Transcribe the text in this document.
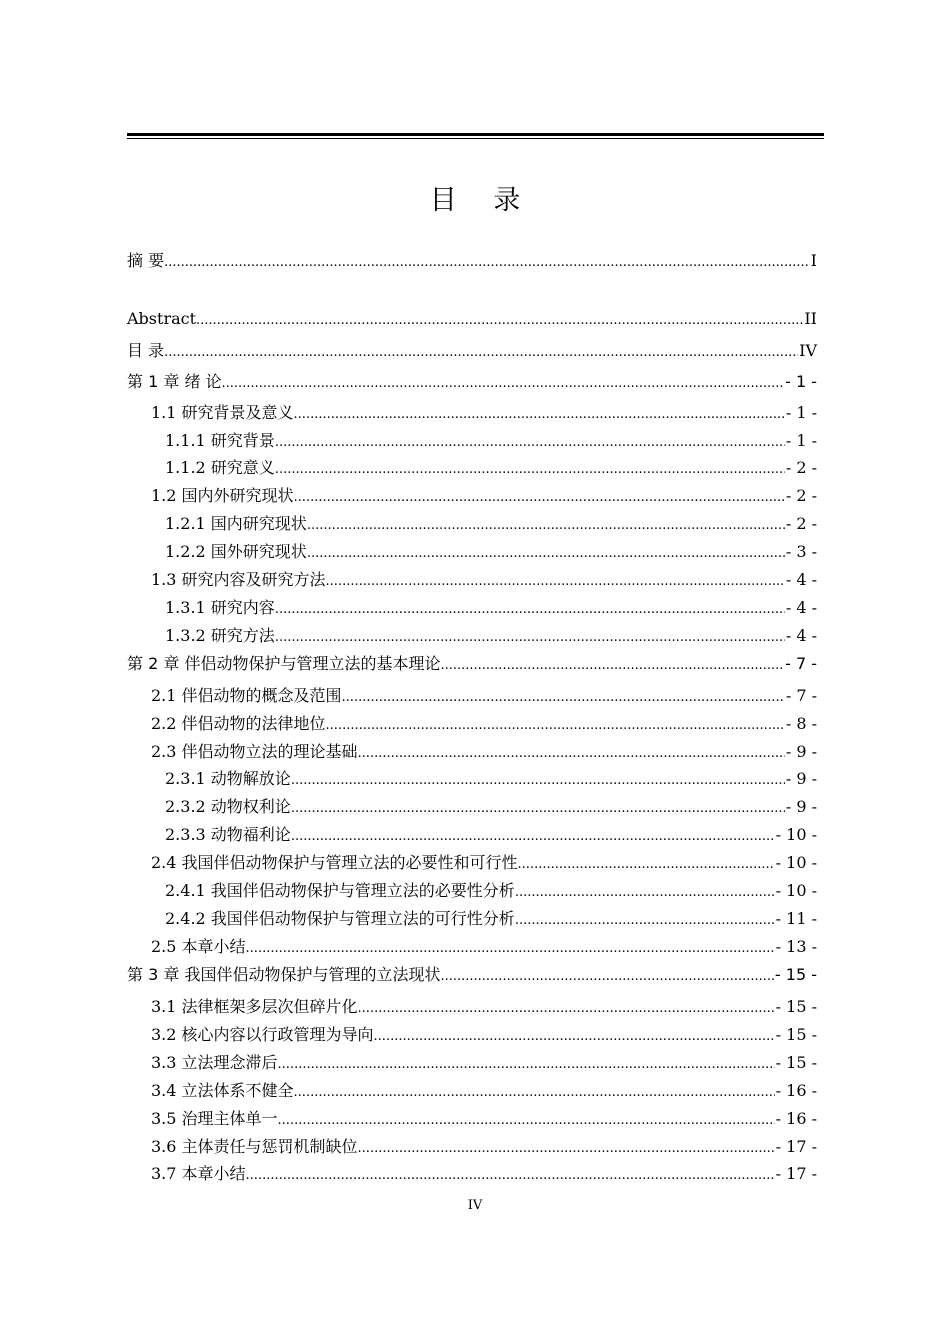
目 录
摘 要 .....	I
Abstract .....	II
目 录 .....	IV
第 1 章 绪 论 .....	- 1 -
1.1 研究背景及意义 .....	- 1 -
1.1.1 研究背景 .....	- 1 -
1.1.2 研究意义 .....	- 2 -
1.2 国内外研究现状 .....	- 2 -
1.2.1 国内研究现状 .....	- 2 -
1.2.2 国外研究现状 .....	- 3 -
1.3 研究内容及研究方法 .....	- 4 -
1.3.1 研究内容 .....	- 4 -
1.3.2 研究方法 .....	- 4 -
第 2 章 伴侣动物保护与管理立法的基本理论 .....	- 7 -
2.1 伴侣动物的概念及范围 .....	- 7 -
2.2 伴侣动物的法律地位 .....	- 8 -
2.3 伴侣动物立法的理论基础 .....	- 9 -
2.3.1 动物解放论 .....	- 9 -
2.3.2 动物权利论 .....	- 9 -
2.3.3 动物福利论 .....	- 10 -
2.4 我国伴侣动物保护与管理立法的必要性和可行性 .....	- 10 -
2.4.1 我国伴侣动物保护与管理立法的必要性分析 .....	- 10 -
2.4.2 我国伴侣动物保护与管理立法的可行性分析 .....	- 11 -
2.5 本章小结 .....	- 13 -
第 3 章 我国伴侣动物保护与管理的立法现状 .....	- 15 -
3.1 法律框架多层次但碎片化 .....	- 15 -
3.2 核心内容以行政管理为导向 .....	- 15 -
3.3 立法理念滞后 .....	- 15 -
3.4 立法体系不健全 .....	- 16 -
3.5 治理主体单一 .....	- 16 -
3.6 主体责任与惩罚机制缺位 .....	- 17 -
3.7 本章小结 .....	- 17 -
IV
